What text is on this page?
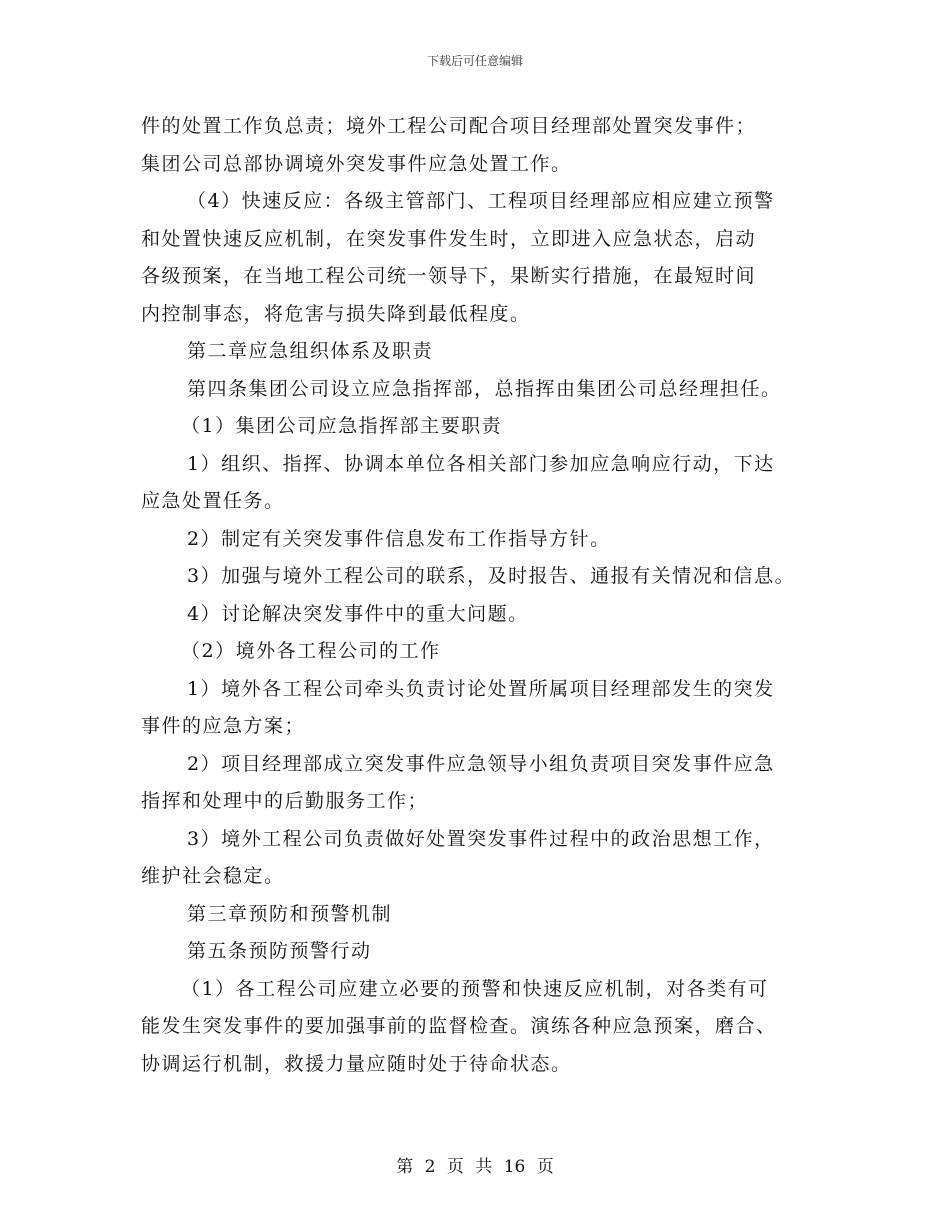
下载后可任意编辑
件的处置工作负总责；境外工程公司配合项目经理部处置突发事件；
集团公司总部协调境外突发事件应急处置工作。
（4）快速反应：各级主管部门、工程项目经理部应相应建立预警
和处置快速反应机制，在突发事件发生时，立即进入应急状态，启动
各级预案，在当地工程公司统一领导下，果断实行措施，在最短时间
内控制事态，将危害与损失降到最低程度。
第二章应急组织体系及职责
第四条集团公司设立应急指挥部，总指挥由集团公司总经理担任。
（1）集团公司应急指挥部主要职责
1）组织、指挥、协调本单位各相关部门参加应急响应行动，下达
应急处置任务。
2）制定有关突发事件信息发布工作指导方针。
3）加强与境外工程公司的联系，及时报告、通报有关情况和信息。
4）讨论解决突发事件中的重大问题。
（2）境外各工程公司的工作
1）境外各工程公司牵头负责讨论处置所属项目经理部发生的突发
事件的应急方案；
2）项目经理部成立突发事件应急领导小组负责项目突发事件应急
指挥和处理中的后勤服务工作；
3）境外工程公司负责做好处置突发事件过程中的政治思想工作，
维护社会稳定。
第三章预防和预警机制
第五条预防预警行动
（1）各工程公司应建立必要的预警和快速反应机制，对各类有可
能发生突发事件的要加强事前的监督检查。演练各种应急预案，磨合、
协调运行机制，救援力量应随时处于待命状态。
第 2 页 共 16 页
